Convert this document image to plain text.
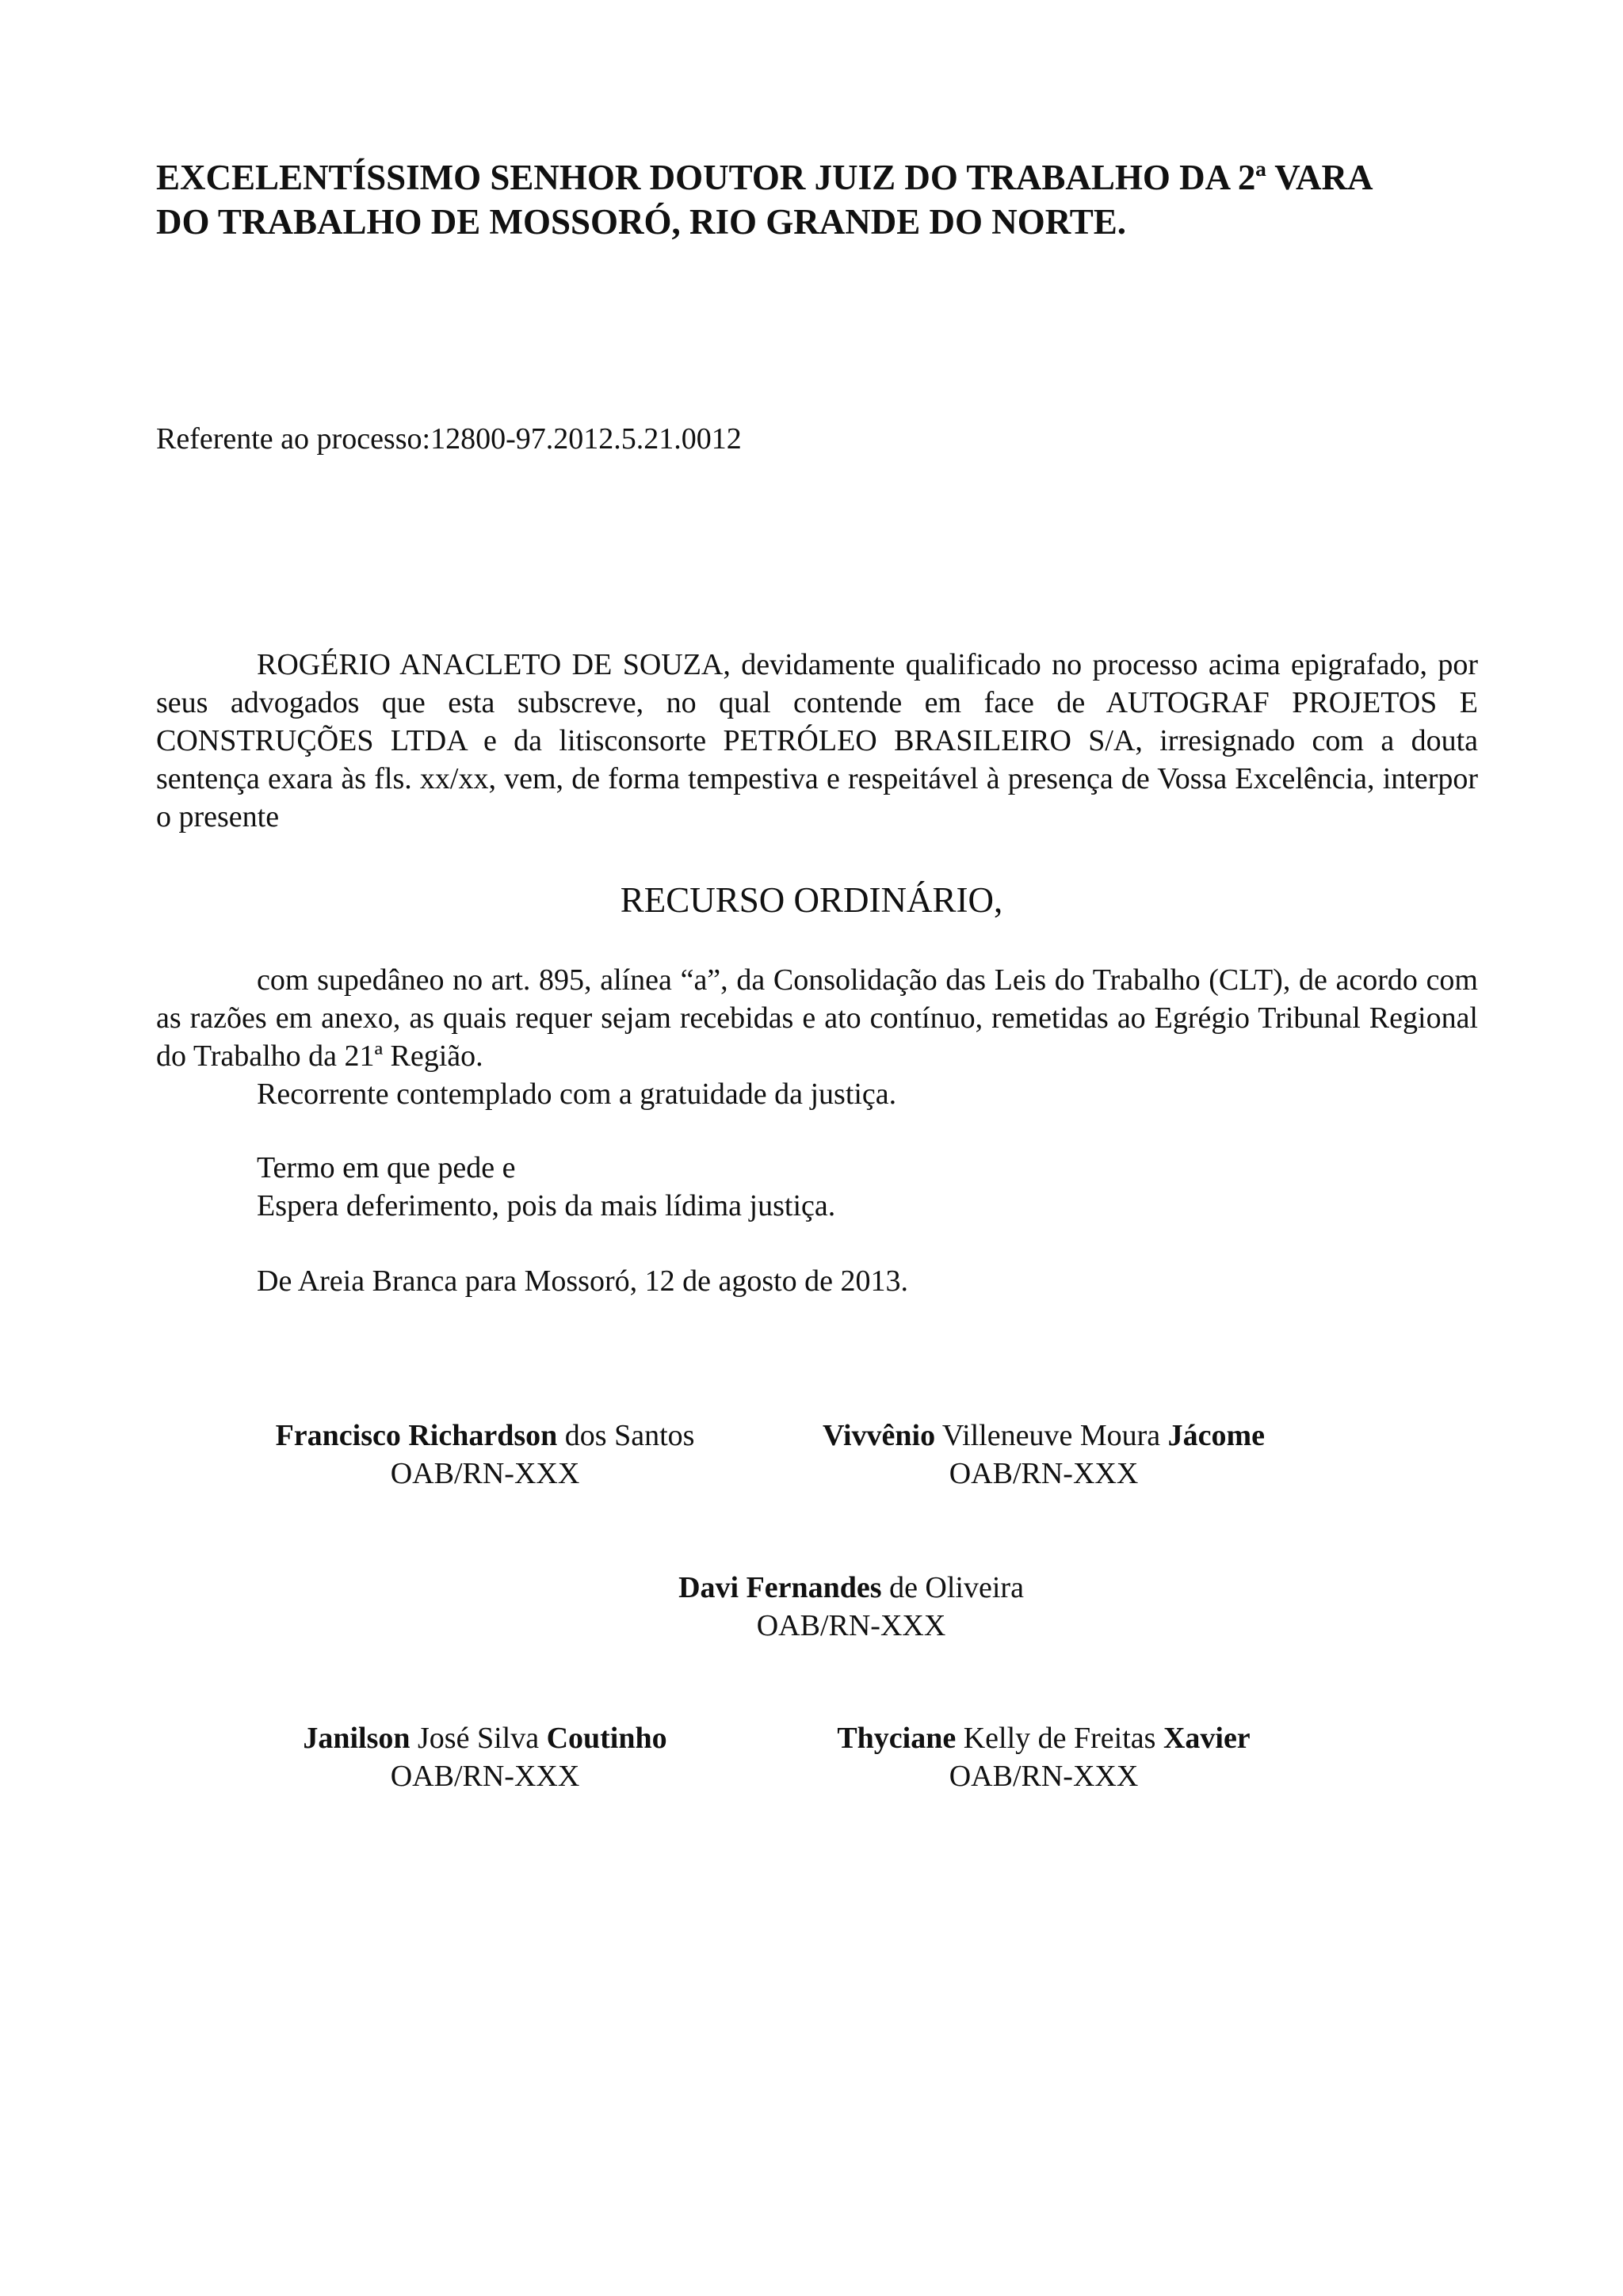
EXCELENTÍSSIMO SENHOR DOUTOR JUIZ DO TRABALHO DA 2ª VARA
DO TRABALHO DE MOSSORÓ, RIO GRANDE DO NORTE.
Referente ao processo:12800-97.2012.5.21.0012

ROGÉRIO ANACLETO DE SOUZA, devidamente qualificado no processo acima epigrafado, por seus advogados que esta subscreve, no qual contende em face de AUTOGRAF PROJETOS E CONSTRUÇÕES LTDA e da litisconsorte PETRÓLEO BRASILEIRO S/A, irresignado com a douta sentença exara às fls. xx/xx, vem, de forma tempestiva e respeitável à presença de Vossa Excelência, interpor o presente

RECURSO ORDINÁRIO,

com supedâneo no art. 895, alínea “a”, da Consolidação das Leis do Trabalho (CLT), de acordo com as razões em anexo, as quais requer sejam recebidas e ato contínuo, remetidas ao Egrégio Tribunal Regional do Trabalho da 21ª Região.

Recorrente contemplado com a gratuidade da justiça.
Termo em que pede e
Espera deferimento, pois da mais lídima justiça.
De Areia Branca para Mossoró, 12 de agosto de 2013.
Francisco Richardson dos Santos
OAB/RN-XXX
Vivvênio Villeneuve Moura Jácome
OAB/RN-XXX
Davi Fernandes de Oliveira
OAB/RN-XXX
Janilson José Silva Coutinho
OAB/RN-XXX
Thyciane Kelly de Freitas Xavier
OAB/RN-XXX
